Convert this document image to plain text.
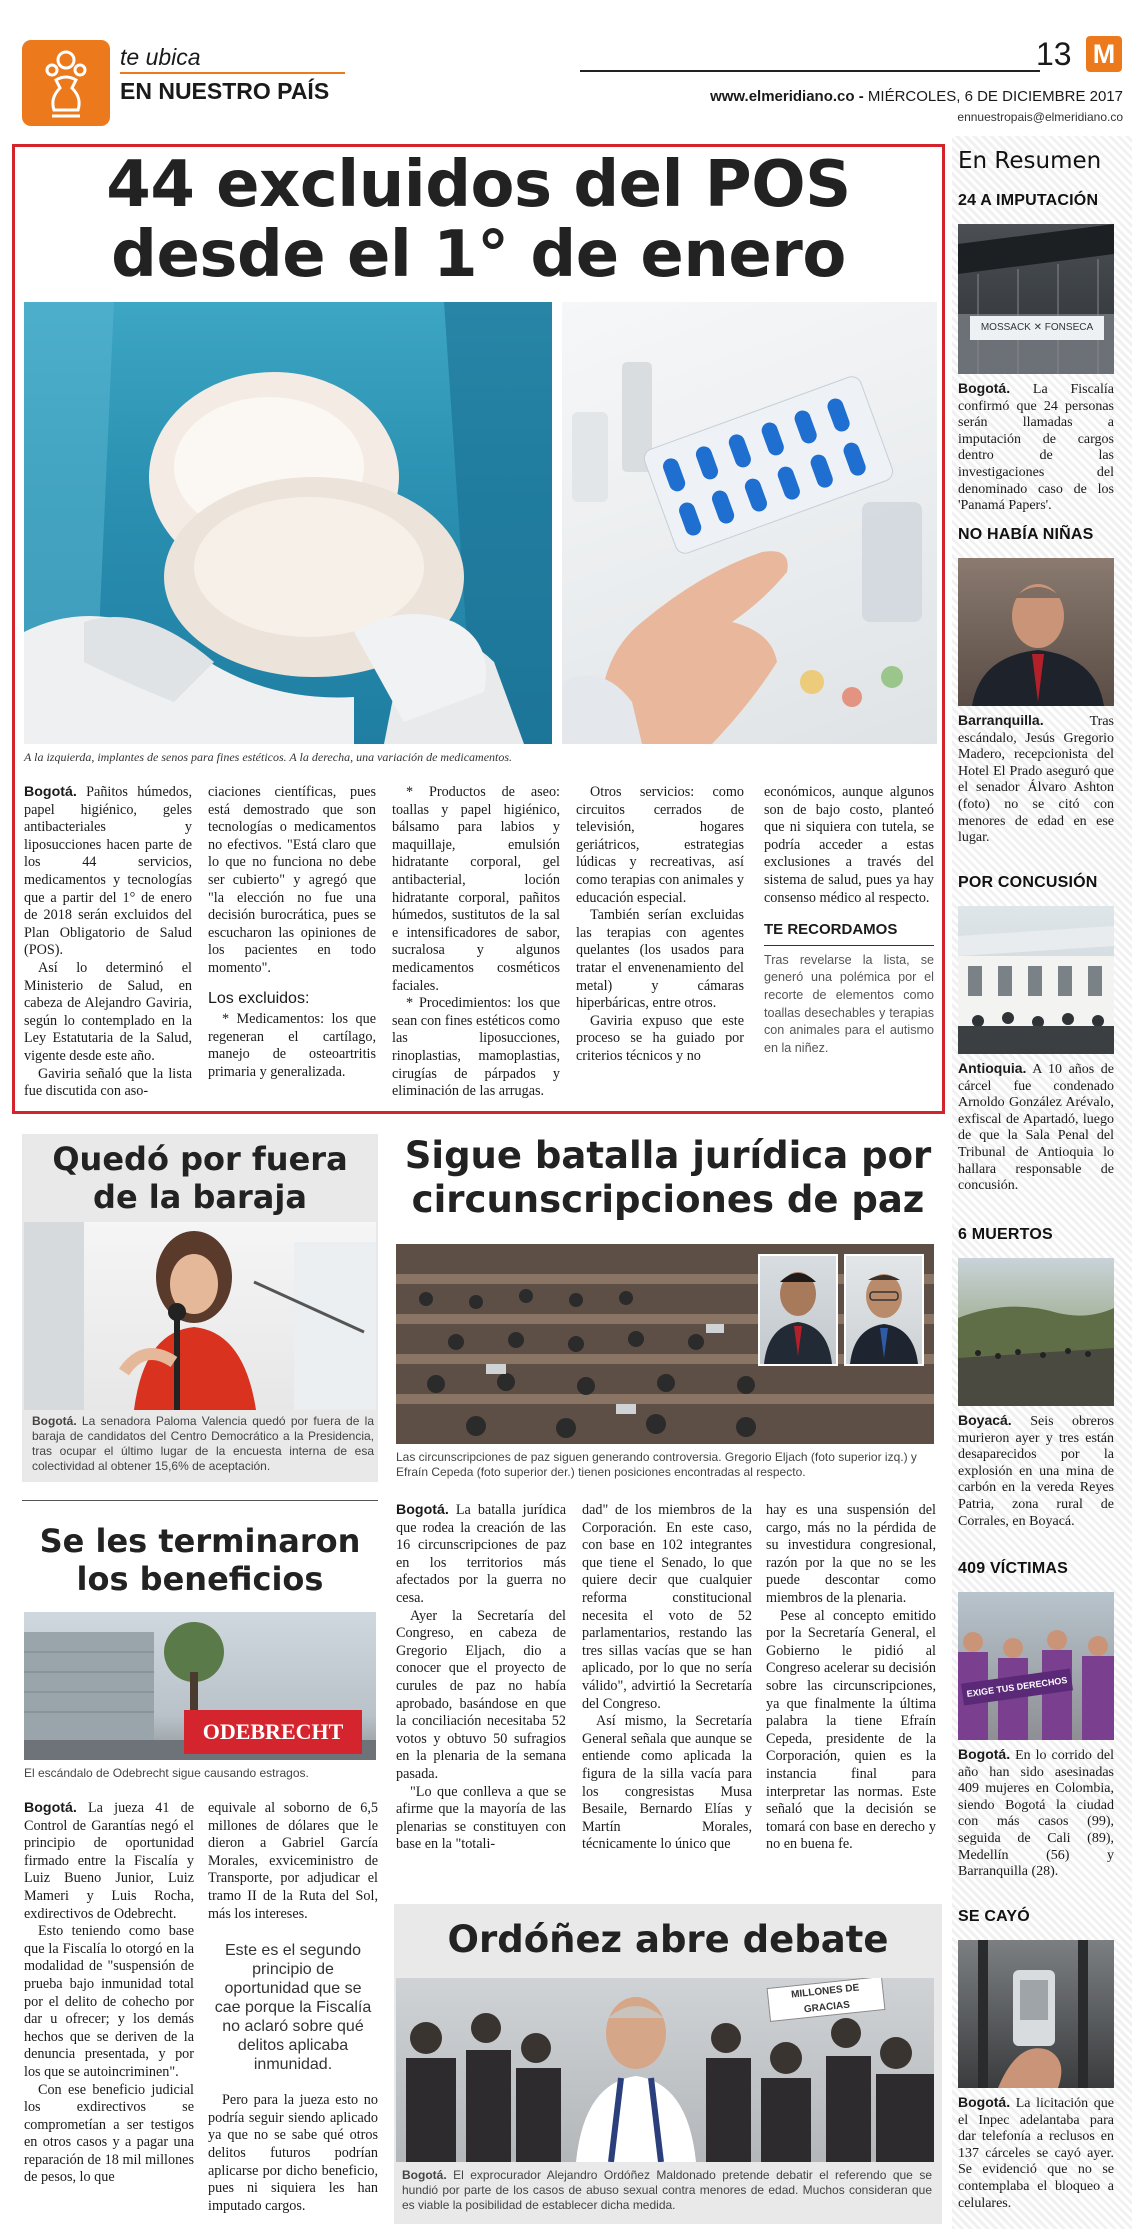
te ubica
EN NUESTRO PAÍS
13 M
www.elmeridiano.co - MIÉRCOLES, 6 DE DICIEMBRE 2017
ennuestropais@elmeridiano.co
44 excluidos del POS
desde el 1° de enero
A la izquierda, implantes de senos para fines estéticos. A la derecha, una variación de medicamentos.

Bogotá. Pañitos húmedos, papel higiénico, geles antibacteriales y liposucciones hacen parte de los 44 servicios, medicamentos y tecnologías que a partir del 1° de enero de 2018 serán excluidos del Plan Obligatorio de Salud (POS).

Así lo determinó el Ministerio de Salud, en cabeza de Alejandro Gaviria, según lo contemplado en la Ley Estatutaria de la Salud, vigente desde este año.

Gaviria señaló que la lista fue discutida con aso-

ciaciones científicas, pues está demostrado que son tecnologías o medicamentos no efectivos. "Está claro que lo que no funciona no debe ser cubierto" y agregó que "la elección no fue una decisión burocrática, pues se escucharon las opiniones de los pacientes en todo momento".

Los excluidos:

* Medicamentos: los que regeneran el cartílago, manejo de osteoartritis primaria y generalizada.

* Productos de aseo: toallas y papel higiénico, bálsamo para labios y maquillaje, emulsión hidratante corporal, gel antibacterial, loción hidratante corporal, pañitos húmedos, sustitutos de la sal e intensificadores de sabor, sucralosa y algunos medicamentos cosméticos faciales.

* Procedimientos: los que sean con fines estéticos como las liposucciones, rinoplastias, mamoplastias, cirugías de párpados y eliminación de las arrugas.

Otros servicios: como circuitos cerrados de televisión, hogares geriátricos, estrategias lúdicas y recreativas, así como terapias con animales y educación especial.

También serían excluidas las terapias con agentes quelantes (los usados para tratar el envenenamiento del metal) y cámaras hiperbáricas, entre otros.

Gaviria expuso que este proceso se ha guiado por criterios técnicos y no

económicos, aunque algunos son de bajo costo, planteó que ni siquiera con tutela, se podría acceder a estas exclusiones a través del sistema de salud, pues ya hay consenso médico al respecto.

TE RECORDAMOS

Tras revelarse la lista, se generó una polémica por el recorte de elementos como toallas desechables y terapias con animales para el autismo en la niñez.

Quedó por fuera
de la baraja
Bogotá. La senadora Paloma Valencia quedó por fuera de la baraja de candidatos del Centro Democrático a la Presidencia, tras ocupar el último lugar de la encuesta interna de esa colectividad al obtener 15,6% de aceptación.
Se les terminaron
los beneficios
ODEBRECHT
El escándalo de Odebrecht sigue causando estragos.

Bogotá. La jueza 41 de Control de Garantías negó el principio de oportunidad firmado entre la Fiscalía y Luiz Bueno Junior, Luiz Mameri y Luis Rocha, exdirectivos de Odebrecht.

Esto teniendo como base que la Fiscalía lo otorgó en la modalidad de "suspensión de prueba bajo inmunidad total por el delito de cohecho por dar u ofrecer; y los demás hechos que se deriven de la denuncia presentada, y por los que se autoincriminen".

Con ese beneficio judicial los exdirectivos se comprometían a ser testigos en otros casos y a pagar una reparación de 18 mil millones de pesos, lo que

equivale al soborno de 6,5 millones de dólares que le dieron a Gabriel García Morales, exviceministro de Transporte, por adjudicar el tramo II de la Ruta del Sol, más los intereses.

Este es el segundo principio de oportunidad que se cae porque la Fiscalía no aclaró sobre qué delitos aplicaba inmunidad.

Pero para la jueza esto no podría seguir siendo aplicado ya que no se sabe qué otros delitos futuros podrían aplicarse por dicho beneficio, pues ni siquiera les han imputado cargos.

Sigue batalla jurídica por
circunscripciones de paz
Las circunscripciones de paz siguen generando controversia. Gregorio Eljach (foto superior izq.) y Efraín Cepeda (foto superior der.) tienen posiciones encontradas al respecto.

Bogotá. La batalla jurídica que rodea la creación de las 16 circunscripciones de paz en los territorios más afectados por la guerra no cesa.

Ayer la Secretaría del Congreso, en cabeza de Gregorio Eljach, dio a conocer que el proyecto de curules de paz no había aprobado, basándose en que la conciliación necesitaba 52 votos y obtuvo 50 sufragios en la plenaria de la semana pasada.

"Lo que conlleva a que se afirme que la mayoría de las plenarias se constituyen con base en la "totali-

dad" de los miembros de la Corporación. En este caso, con base en 102 integrantes que tiene el Senado, lo que quiere decir que cualquier reforma constitucional necesita el voto de 52 parlamentarios, restando las tres sillas vacías que se han aplicado, por lo que no sería válido", advirtió la Secretaría del Congreso.

Así mismo, la Secretaría General señala que aunque se entiende como aplicada la figura de la silla vacía para los congresistas Musa Besaile, Bernardo Elías y Martín Morales, técnicamente lo único que

hay es una suspensión del cargo, más no la pérdida de su investidura congresional, razón por la que no se les puede descontar como miembros de la plenaria.

Pese al concepto emitido por la Secretaría General, el Gobierno le pidió al Congreso acelerar su decisión sobre las circunscripciones, ya que finalmente la última palabra la tiene Efraín Cepeda, presidente de la Corporación, quien es la instancia final para interpretar las normas. Este señaló que la decisión se tomará con base en derecho y no en buena fe.

Ordóñez abre debate
MILLONES DE GRACIAS
Bogotá. El exprocurador Alejandro Ordóñez Maldonado pretende debatir el referendo que se hundió por parte de los casos de abuso sexual contra menores de edad. Muchos consideran que es viable la posibilidad de establecer dicha medida.
En Resumen
24 A IMPUTACIÓN
MOSSACK ✕ FONSECA
Bogotá. La Fiscalía confirmó que 24 personas serán llamadas a imputación de cargos dentro de las investigaciones del denominado caso de los 'Panamá Papers'.
NO HABÍA NIÑAS
Barranquilla. Tras escándalo, Jesús Gregorio Madero, recepcionista del Hotel El Prado aseguró que el senador Álvaro Ashton (foto) no se citó con menores de edad en ese lugar.
POR CONCUSIÓN
Antioquia. A 10 años de cárcel fue condenado Arnoldo González Arévalo, exfiscal de Apartadó, luego de que la Sala Penal del Tribunal de Antioquia lo hallara responsable de concusión.
6 MUERTOS
Boyacá. Seis obreros murieron ayer y tres están desaparecidos por la explosión en una mina de carbón en la vereda Reyes Patria, zona rural de Corrales, en Boyacá.
409 VÍCTIMAS
EXIGE TUS DERECHOS
Bogotá. En lo corrido del año han sido asesinadas 409 mujeres en Colombia, siendo Bogotá la ciudad con más casos (99), seguida de Cali (89), Medellín (56) y Barranquilla (28).
SE CAYÓ
Bogotá. La licitación que el Inpec adelantaba para dar telefonía a reclusos en 137 cárceles se cayó ayer. Se evidenció que no se contemplaba el bloqueo a celulares.
